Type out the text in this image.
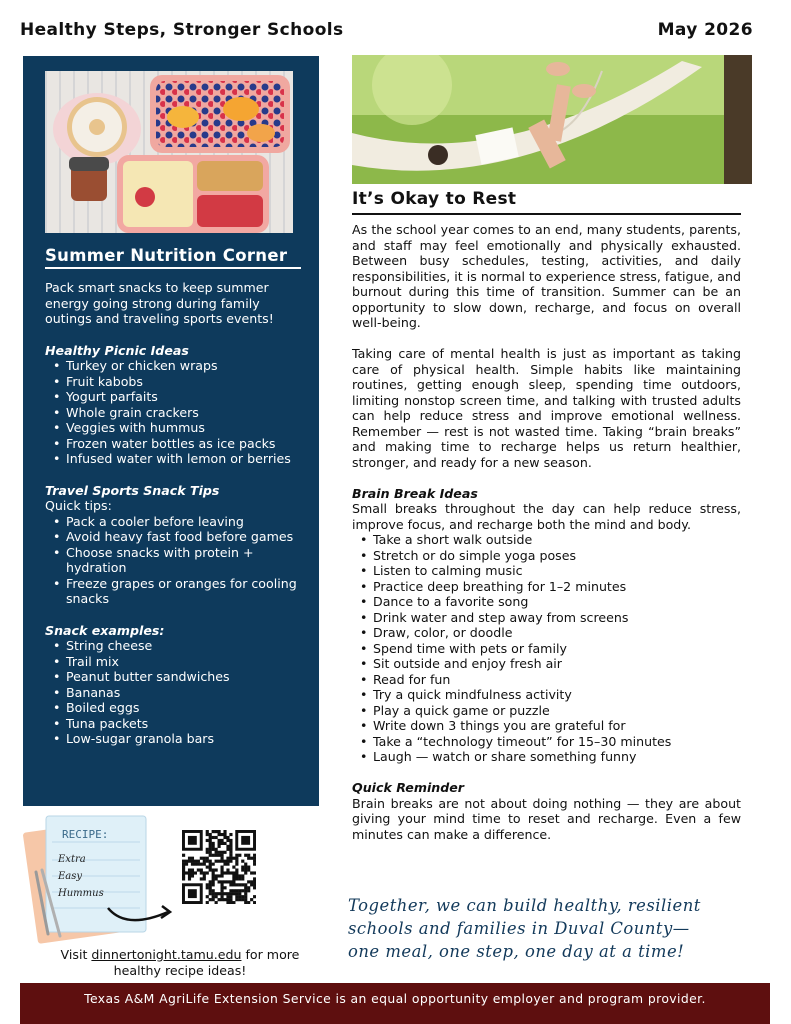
Healthy Steps, Stronger Schools	May 2026
Summer Nutrition Corner

Pack smart snacks to keep summer energy going strong during family outings and traveling sports events!

Healthy Picnic Ideas

• Turkey or chicken wraps
• Fruit kabobs
• Yogurt parfaits
• Whole grain crackers
• Veggies with hummus
• Frozen water bottles as ice packs
• Infused water with lemon or berries

Travel Sports Snack Tips

Quick tips:

• Pack a cooler before leaving
• Avoid heavy fast food before games
• Choose snacks with protein + hydration
• Freeze grapes or oranges for cooling snacks

Snack examples:

• String cheese
• Trail mix
• Peanut butter sandwiches
• Bananas
• Boiled eggs
• Tuna packets
• Low-sugar granola bars
RECIPE:
Extra
Easy
Hummus
Visit dinnertonight.tamu.edu for more healthy recipe ideas!
It’s Okay to Rest

As the school year comes to an end, many students, parents, and staff may feel emotionally and physically exhausted. Between busy schedules, testing, activities, and daily responsibilities, it is normal to experience stress, fatigue, and burnout during this time of transition. Summer can be an opportunity to slow down, recharge, and focus on overall well-being.

Taking care of mental health is just as important as taking care of physical health. Simple habits like maintaining routines, getting enough sleep, spending time outdoors, limiting nonstop screen time, and talking with trusted adults can help reduce stress and improve emotional wellness. Remember — rest is not wasted time. Taking “brain breaks” and making time to recharge helps us return healthier, stronger, and ready for a new season.

Brain Break Ideas

Small breaks throughout the day can help reduce stress, improve focus, and recharge both the mind and body.

• Take a short walk outside
• Stretch or do simple yoga poses
• Listen to calming music
• Practice deep breathing for 1–2 minutes
• Dance to a favorite song
• Drink water and step away from screens
• Draw, color, or doodle
• Spend time with pets or family
• Sit outside and enjoy fresh air
• Read for fun
• Try a quick mindfulness activity
• Play a quick game or puzzle
• Write down 3 things you are grateful for
• Take a “technology timeout” for 15–30 minutes
• Laugh — watch or share something funny

Quick Reminder

Brain breaks are not about doing nothing — they are about giving your mind time to reset and recharge. Even a few minutes can make a difference.

Together, we can build healthy, resilient
schools and families in Duval County—
one meal, one step, one day at a time!
Texas A&M AgriLife Extension Service is an equal opportunity employer and program provider.
